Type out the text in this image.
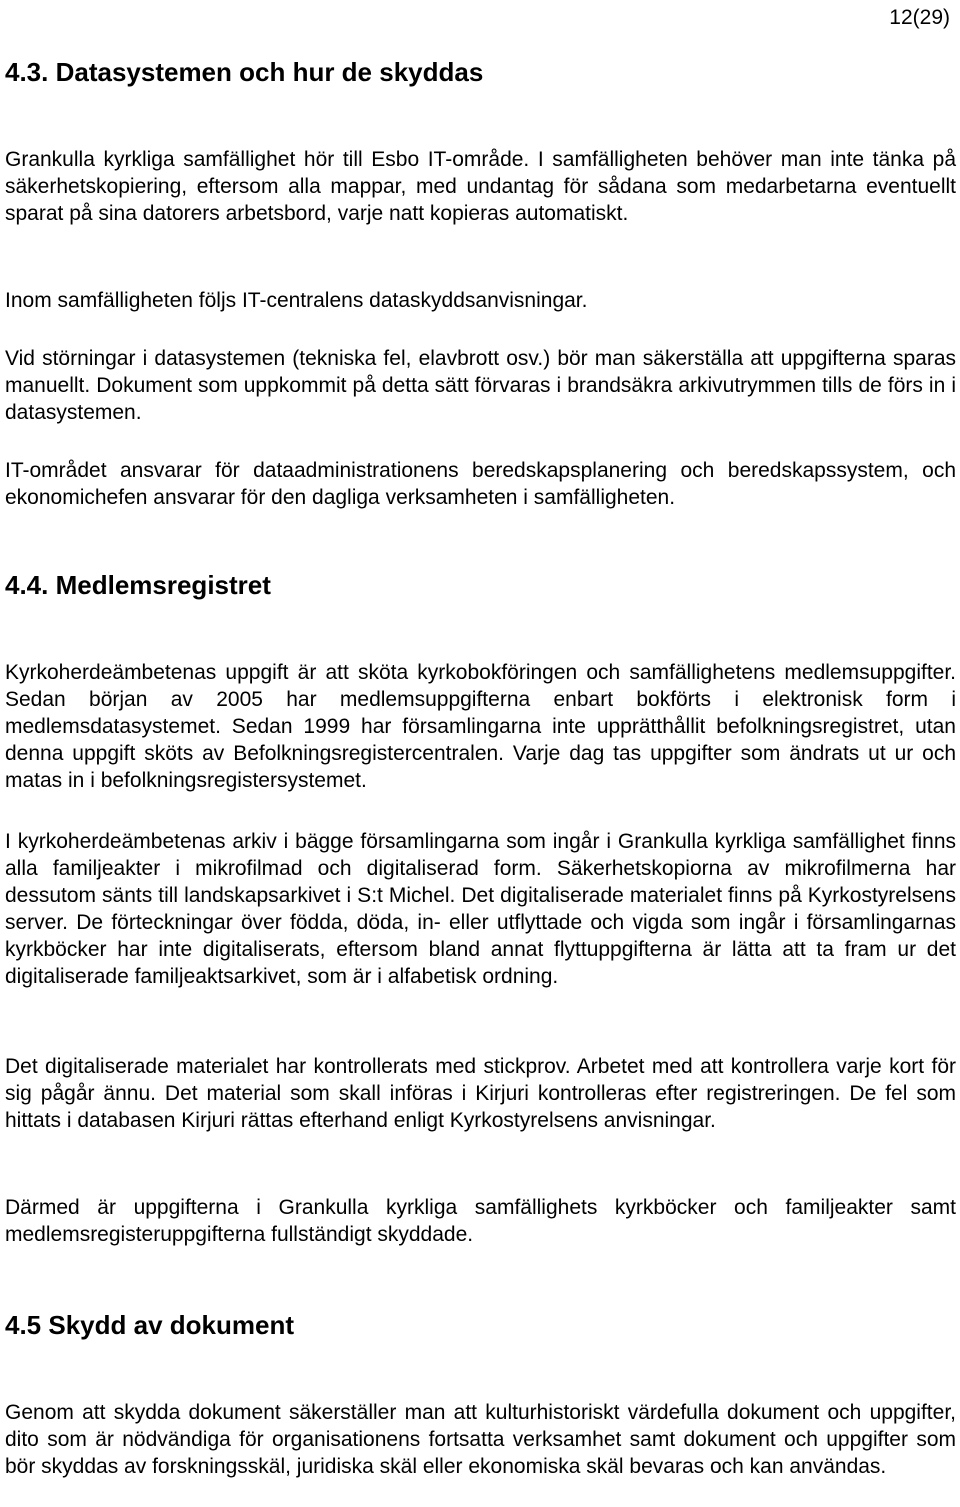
12(29)
4.3. Datasystemen och hur de skyddas

Grankulla kyrkliga samfällighet hör till Esbo IT-område. I samfälligheten behöver man inte tänka på säkerhetskopiering, eftersom alla mappar, med undantag för sådana som medarbetarna eventuellt sparat på sina datorers arbetsbord, varje natt kopieras automatiskt.

Inom samfälligheten följs IT-centralens dataskyddsanvisningar.

Vid störningar i datasystemen (tekniska fel, elavbrott osv.) bör man säkerställa att uppgifterna sparas manuellt. Dokument som uppkommit på detta sätt förvaras i brandsäkra arkivutrymmen tills de förs in i datasystemen.

IT-området ansvarar för dataadministrationens beredskapsplanering och beredskapssystem, och ekonomichefen ansvarar för den dagliga verksamheten i samfälligheten.

4.4. Medlemsregistret

Kyrkoherdeämbetenas uppgift är att sköta kyrkobokföringen och samfällighetens medlemsuppgifter. Sedan början av 2005 har medlemsuppgifterna enbart bokförts i elektronisk form i medlemsdatasystemet. Sedan 1999 har församlingarna inte upprätthållit befolkningsregistret, utan denna uppgift sköts av Befolkningsregistercentralen. Varje dag tas uppgifter som ändrats ut ur och matas in i befolkningsregistersystemet.

I kyrkoherdeämbetenas arkiv i bägge församlingarna som ingår i Grankulla kyrkliga samfällighet finns alla familjeakter i mikrofilmad och digitaliserad form. Säkerhetskopiorna av mikrofilmerna har dessutom sänts till landskapsarkivet i S:t Michel. Det digitaliserade materialet finns på Kyrkostyrelsens server. De förteckningar över födda, döda, in- eller utflyttade och vigda som ingår i församlingarnas kyrkböcker har inte digitaliserats, eftersom bland annat flyttuppgifterna är lätta att ta fram ur det digitaliserade familjeaktsarkivet, som är i alfabetisk ordning.

Det digitaliserade materialet har kontrollerats med stickprov. Arbetet med att kontrollera varje kort för sig pågår ännu. Det material som skall införas i Kirjuri kontrolleras efter registreringen. De fel som hittats i databasen Kirjuri rättas efterhand enligt Kyrkostyrelsens anvisningar.

Därmed är uppgifterna i Grankulla kyrkliga samfällighets kyrkböcker och familjeakter samt medlemsregisteruppgifterna fullständigt skyddade.

4.5 Skydd av dokument

Genom att skydda dokument säkerställer man att kulturhistoriskt värdefulla dokument och uppgifter, dito som är nödvändiga för organisationens fortsatta verksamhet samt dokument och uppgifter som bör skyddas av forskningsskäl, juridiska skäl eller ekonomiska skäl bevaras och kan användas.
